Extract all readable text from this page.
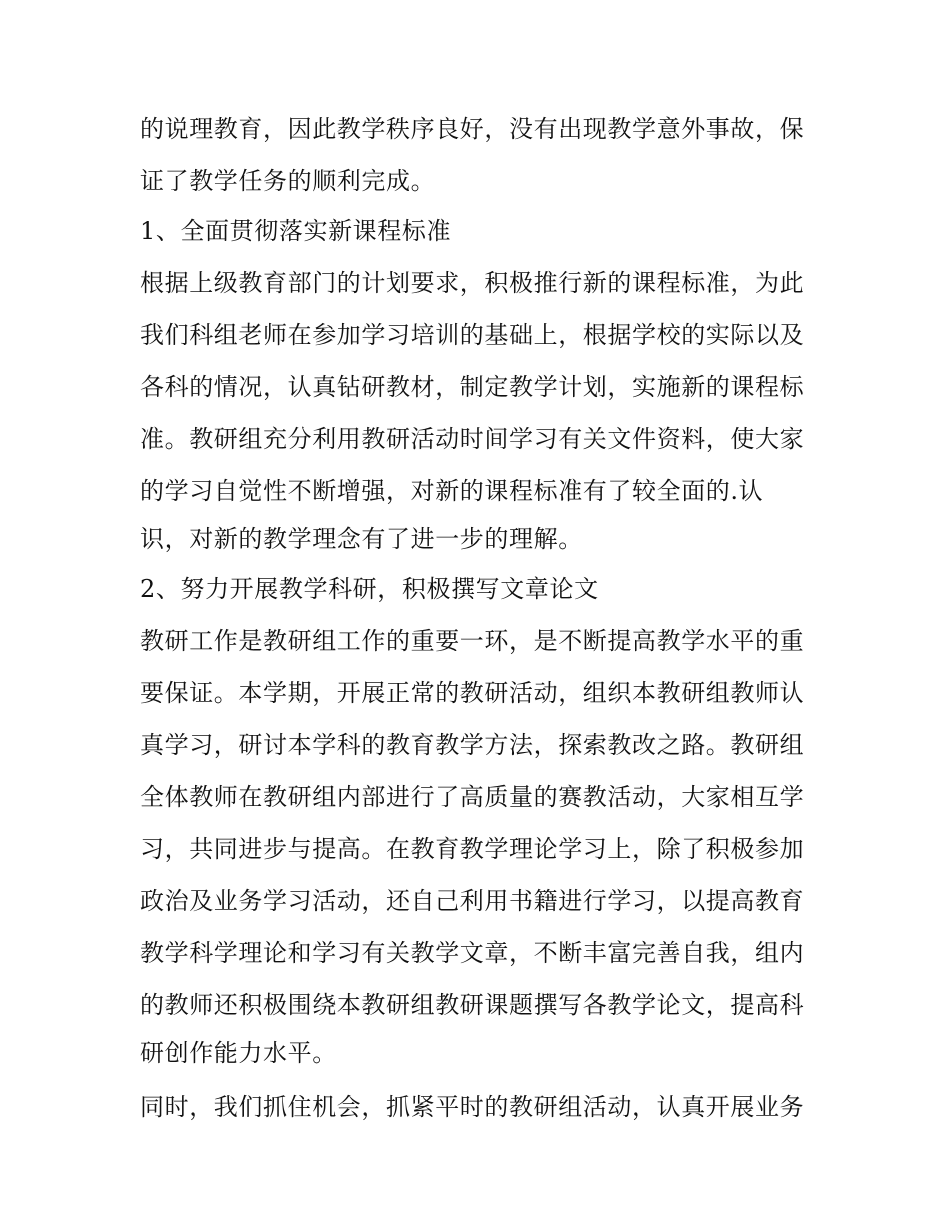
的说理教育，因此教学秩序良好，没有出现教学意外事故，保
证了教学任务的顺利完成。
1、全面贯彻落实新课程标准
根据上级教育部门的计划要求，积极推行新的课程标准，为此
我们科组老师在参加学习培训的基础上，根据学校的实际以及
各科的情况，认真钻研教材，制定教学计划，实施新的课程标
准。教研组充分利用教研活动时间学习有关文件资料，使大家
的学习自觉性不断增强，对新的课程标准有了较全面的.认
识，对新的教学理念有了进一步的理解。
2、努力开展教学科研，积极撰写文章论文
教研工作是教研组工作的重要一环，是不断提高教学水平的重
要保证。本学期，开展正常的教研活动，组织本教研组教师认
真学习，研讨本学科的教育教学方法，探索教改之路。教研组
全体教师在教研组内部进行了高质量的赛教活动，大家相互学
习，共同进步与提高。在教育教学理论学习上，除了积极参加
政治及业务学习活动，还自己利用书籍进行学习，以提高教育
教学科学理论和学习有关教学文章，不断丰富完善自我，组内
的教师还积极围绕本教研组教研课题撰写各教学论文，提高科
研创作能力水平。
同时，我们抓住机会，抓紧平时的教研组活动，认真开展业务
